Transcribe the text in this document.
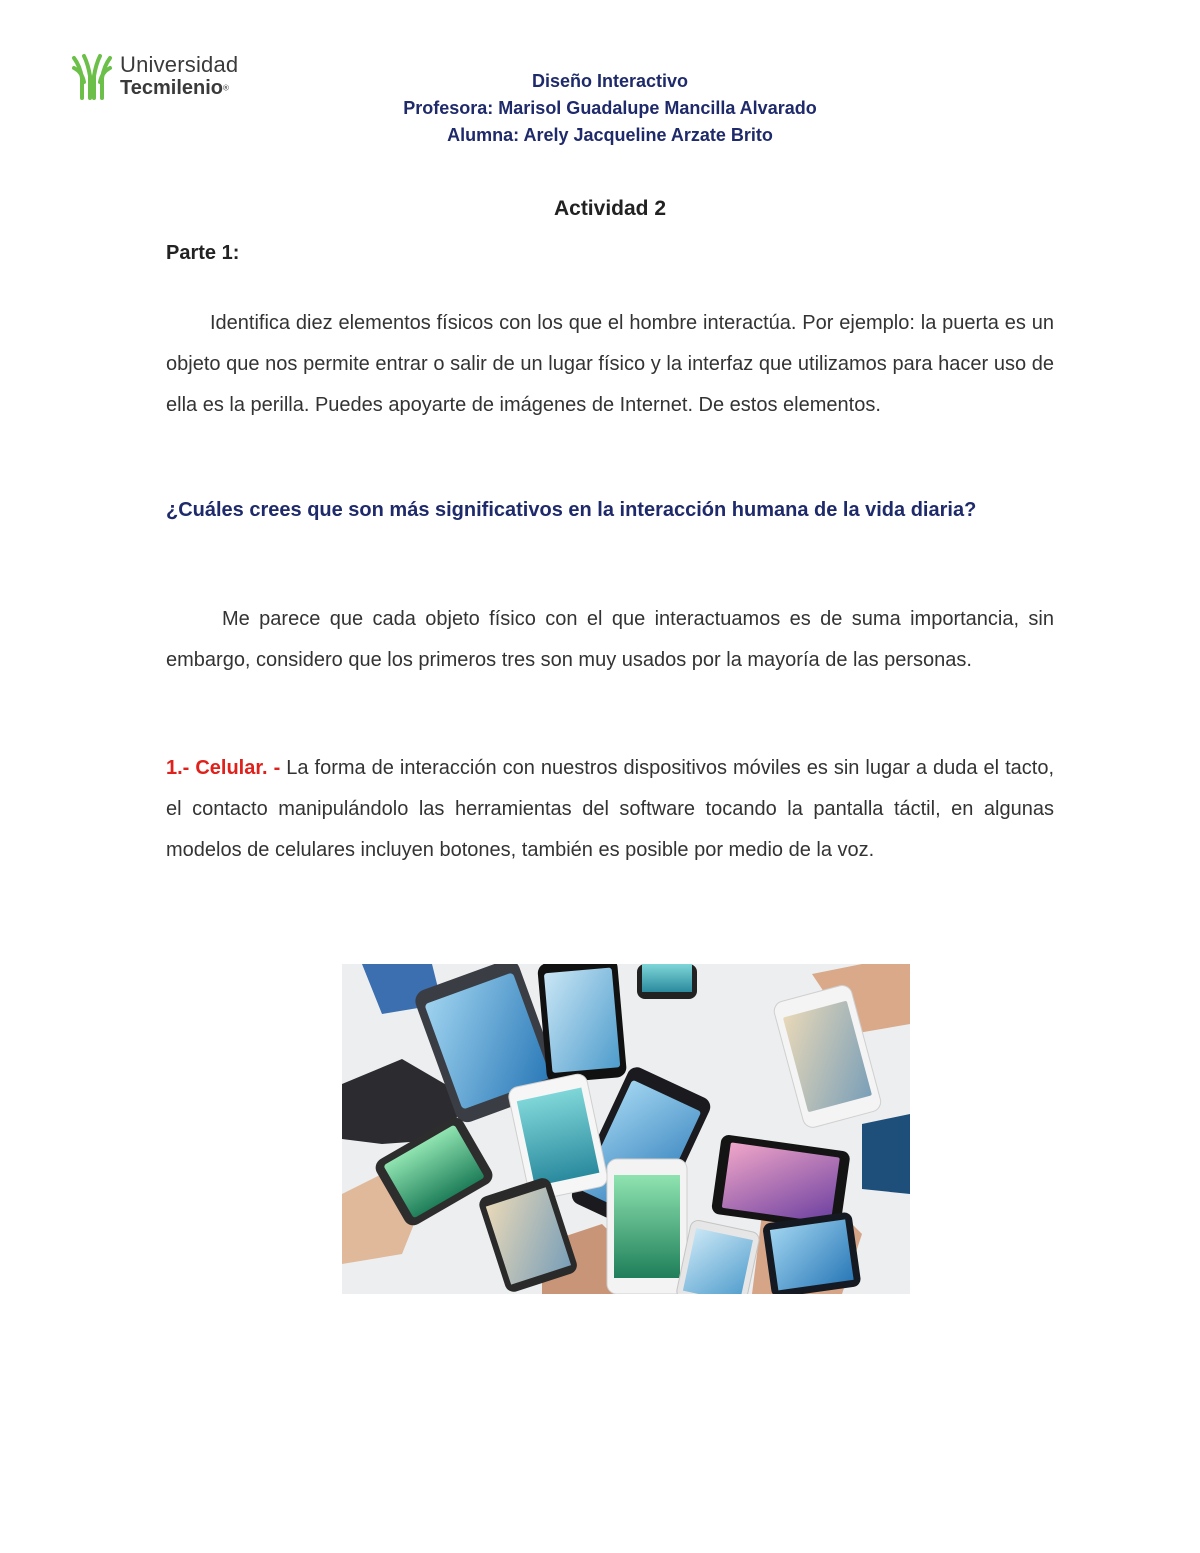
Universidad
Tecmilenio®	Diseño Interactivo
Profesora: Marisol Guadalupe Mancilla Alvarado
Alumna: Arely Jacqueline Arzate Brito
Actividad 2
Parte 1:
Identifica diez elementos físicos con los que el hombre interactúa. Por ejemplo: la puerta es un objeto que nos permite entrar o salir de un lugar físico y la interfaz que utilizamos para hacer uso de ella es la perilla. Puedes apoyarte de imágenes de Internet. De estos elementos.
¿Cuáles crees que son más significativos en la interacción humana de la vida diaria?
Me parece que cada objeto físico con el que interactuamos es de suma importancia, sin embargo, considero que los primeros tres son muy usados por la mayoría de las personas.
1.- Celular. - La forma de interacción con nuestros dispositivos móviles es sin lugar a duda el tacto, el contacto manipulándolo las herramientas del software tocando la pantalla táctil, en algunas modelos de celulares incluyen botones, también es posible por medio de la voz.
